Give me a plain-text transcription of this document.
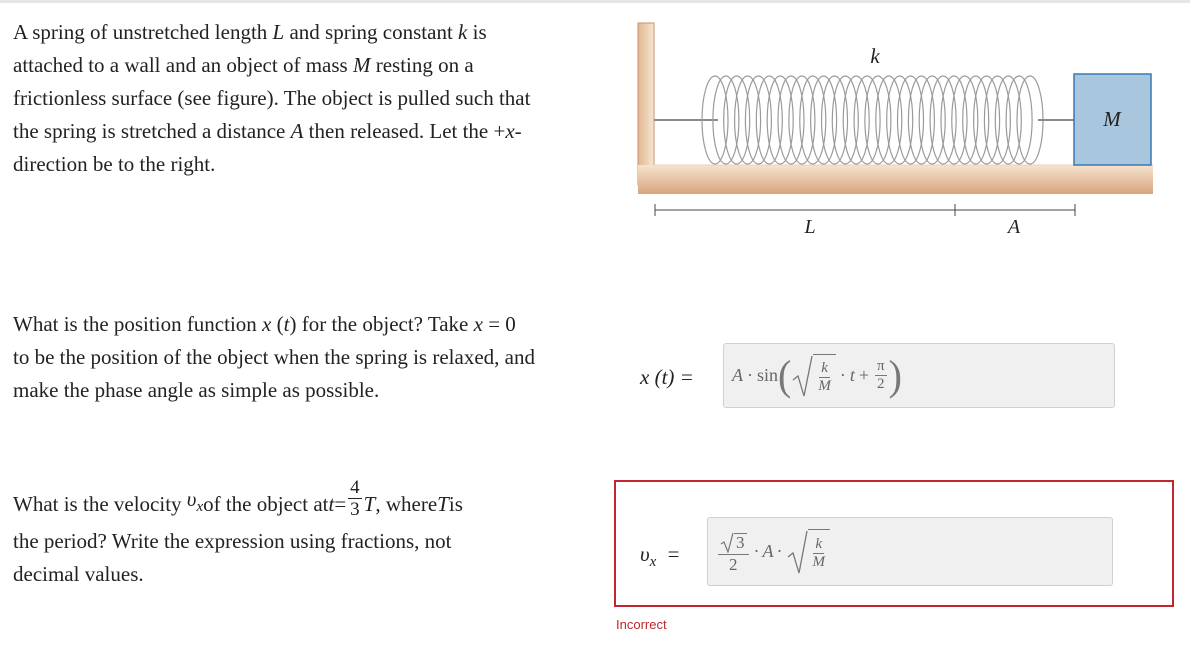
A spring of unstretched length L and spring constant k is
attached to a wall and an object of mass M resting on a
frictionless surface (see figure). The object is pulled such that
the spring is stretched a distance A then released. Let the +x-
direction be to the right.
M
k
L	A
What is the position function x (t) for the object? Take x = 0
to be the position of the object when the spring is relaxed, and
make the phase angle as simple as possible.
x (t) = A · sin ( k
M
· $t + \frac{\pi}{2}$ )
What is the velocity $\upsilon_x$ of the object at $t = \frac{4}{3}$ T , where T is
the period? Write the expression using fractions, not
decimal values.
$\upsilon_x$ =	3
2
· A · k
M
Incorrect
